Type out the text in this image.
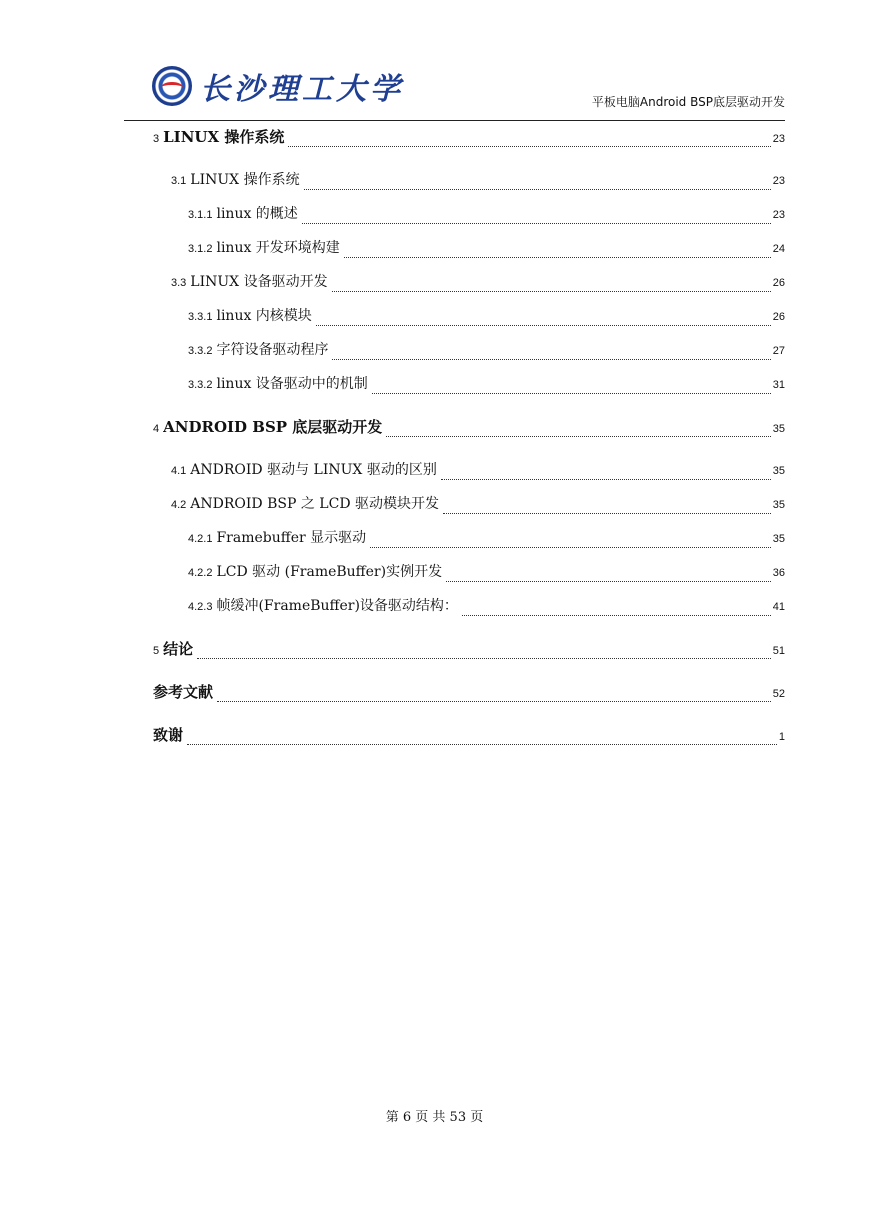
长沙理工大学	平板电脑Android BSP底层驱动开发
3 LINUX 操作系统	23
3.1 LINUX 操作系统	23
3.1.1 linux 的概述	23
3.1.2 linux 开发环境构建	24
3.3 LINUX 设备驱动开发	26
3.3.1 linux 内核模块	26
3.3.2 字符设备驱动程序	27
3.3.2 linux 设备驱动中的机制	31
4 ANDROID BSP 底层驱动开发	35
4.1 ANDROID 驱动与 LINUX 驱动的区别	35
4.2 ANDROID BSP 之 LCD 驱动模块开发	35
4.2.1 Framebuffer 显示驱动	35
4.2.2 LCD 驱动 (FrameBuffer)实例开发	36
4.2.3 帧缓冲(FrameBuffer)设备驱动结构：	41
5 结论	51
参考文献	52
致谢	1
第 6 页 共 53 页
